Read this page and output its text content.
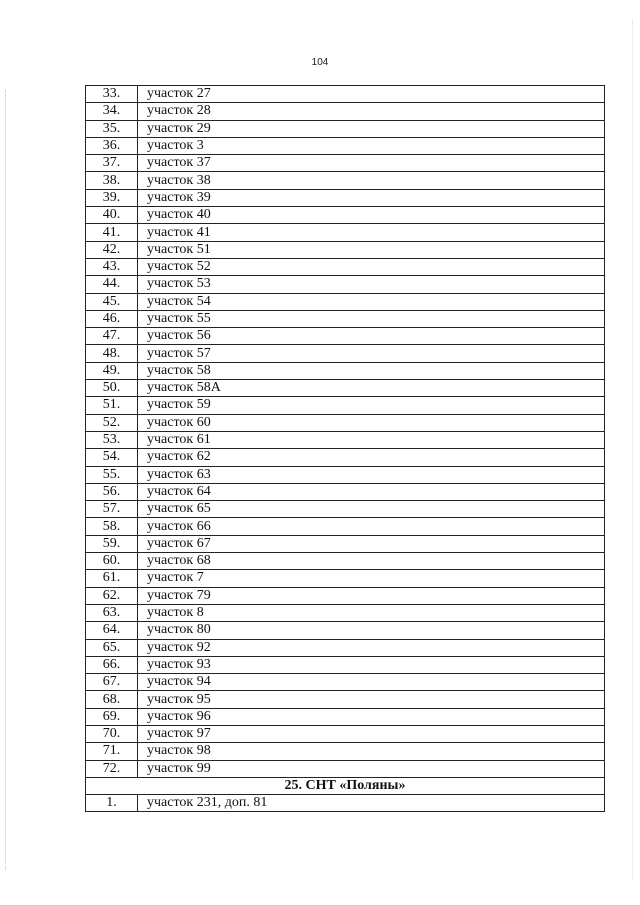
104
33.	участок 27
34.	участок 28
35.	участок 29
36.	участок 3
37.	участок 37
38.	участок 38
39.	участок 39
40.	участок 40
41.	участок 41
42.	участок 51
43.	участок 52
44.	участок 53
45.	участок 54
46.	участок 55
47.	участок 56
48.	участок 57
49.	участок 58
50.	участок 58А
51.	участок 59
52.	участок 60
53.	участок 61
54.	участок 62
55.	участок 63
56.	участок 64
57.	участок 65
58.	участок 66
59.	участок 67
60.	участок 68
61.	участок 7
62.	участок 79
63.	участок 8
64.	участок 80
65.	участок 92
66.	участок 93
67.	участок 94
68.	участок 95
69.	участок 96
70.	участок 97
71.	участок 98
72.	участок 99
25. СНТ «Поляны»	
1.	участок 231, доп. 81
